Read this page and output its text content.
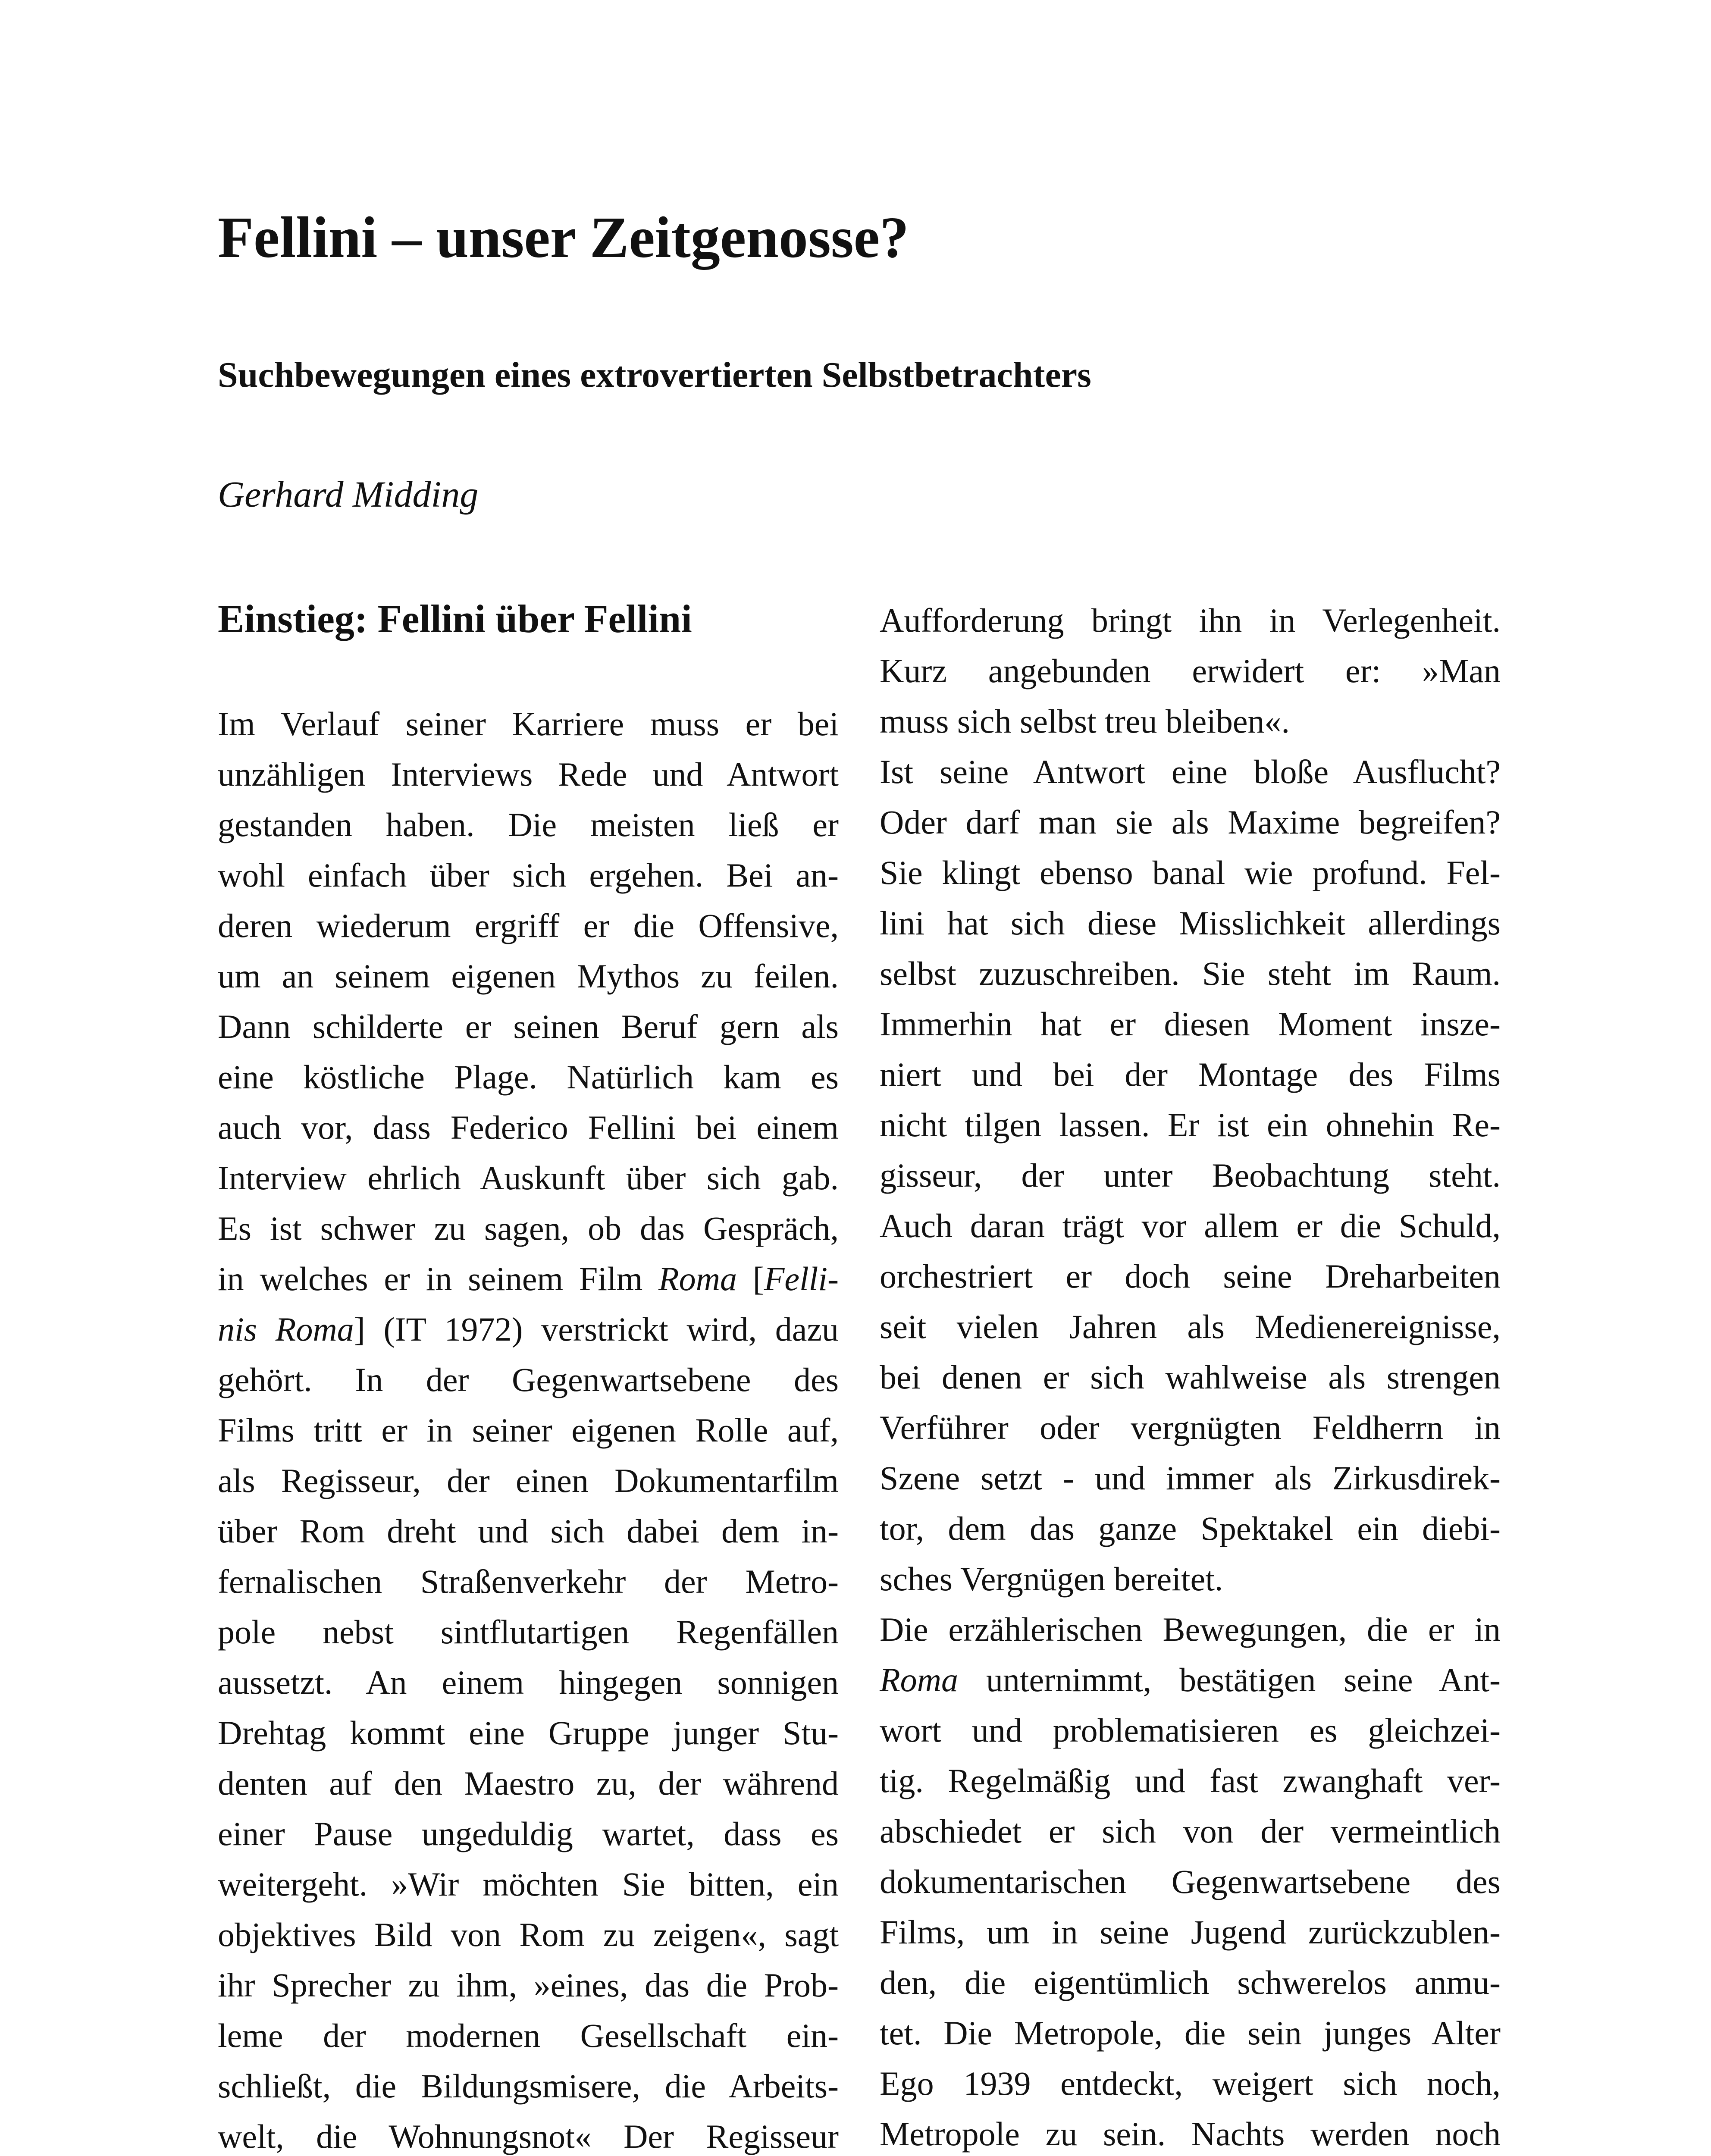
Fellini – unser Zeitgenosse?
Suchbewegungen eines extrovertierten Selbstbetrachters
Gerhard Midding
Einstieg: Fellini über Fellini
Im Verlauf seiner Karriere muss er bei
unzähligen Interviews Rede und Antwort
gestanden haben. Die meisten ließ er
wohl einfach über sich ergehen. Bei an-
deren wiederum ergriff er die Offensive,
um an seinem eigenen Mythos zu feilen.
Dann schilderte er seinen Beruf gern als
eine köstliche Plage. Natürlich kam es
auch vor, dass Federico Fellini bei einem
Interview ehrlich Auskunft über sich gab.
Es ist schwer zu sagen, ob das Gespräch,
in welches er in seinem Film Roma [Felli-
nis Roma] (IT 1972) verstrickt wird, dazu
gehört. In der Gegenwartsebene des
Films tritt er in seiner eigenen Rolle auf,
als Regisseur, der einen Dokumentarfilm
über Rom dreht und sich dabei dem in-
fernalischen Straßenverkehr der Metro-
pole nebst sintflutartigen Regenfällen
aussetzt. An einem hingegen sonnigen
Drehtag kommt eine Gruppe junger Stu-
denten auf den Maestro zu, der während
einer Pause ungeduldig wartet, dass es
weitergeht. »Wir möchten Sie bitten, ein
objektives Bild von Rom zu zeigen«, sagt
ihr Sprecher zu ihm, »eines, das die Prob-
leme der modernen Gesellschaft ein-
schließt, die Bildungsmisere, die Arbeits-
welt, die Wohnungsnot« Der Regisseur
Aufforderung bringt ihn in Verlegenheit.
Kurz angebunden erwidert er: »Man
muss sich selbst treu bleiben«.
Ist seine Antwort eine bloße Ausflucht?
Oder darf man sie als Maxime begreifen?
Sie klingt ebenso banal wie profund. Fel-
lini hat sich diese Misslichkeit allerdings
selbst zuzuschreiben. Sie steht im Raum.
Immerhin hat er diesen Moment insze-
niert und bei der Montage des Films
nicht tilgen lassen. Er ist ein ohnehin Re-
gisseur, der unter Beobachtung steht.
Auch daran trägt vor allem er die Schuld,
orchestriert er doch seine Dreharbeiten
seit vielen Jahren als Medienereignisse,
bei denen er sich wahlweise als strengen
Verführer oder vergnügten Feldherrn in
Szene setzt - und immer als Zirkusdirek-
tor, dem das ganze Spektakel ein diebi-
sches Vergnügen bereitet.
Die erzählerischen Bewegungen, die er in
Roma unternimmt, bestätigen seine Ant-
wort und problematisieren es gleichzei-
tig. Regelmäßig und fast zwanghaft ver-
abschiedet er sich von der vermeintlich
dokumentarischen Gegenwartsebene des
Films, um in seine Jugend zurückzublen-
den, die eigentümlich schwerelos anmu-
tet. Die Metropole, die sein junges Alter
Ego 1939 entdeckt, weigert sich noch,
Metropole zu sein. Nachts werden noch
